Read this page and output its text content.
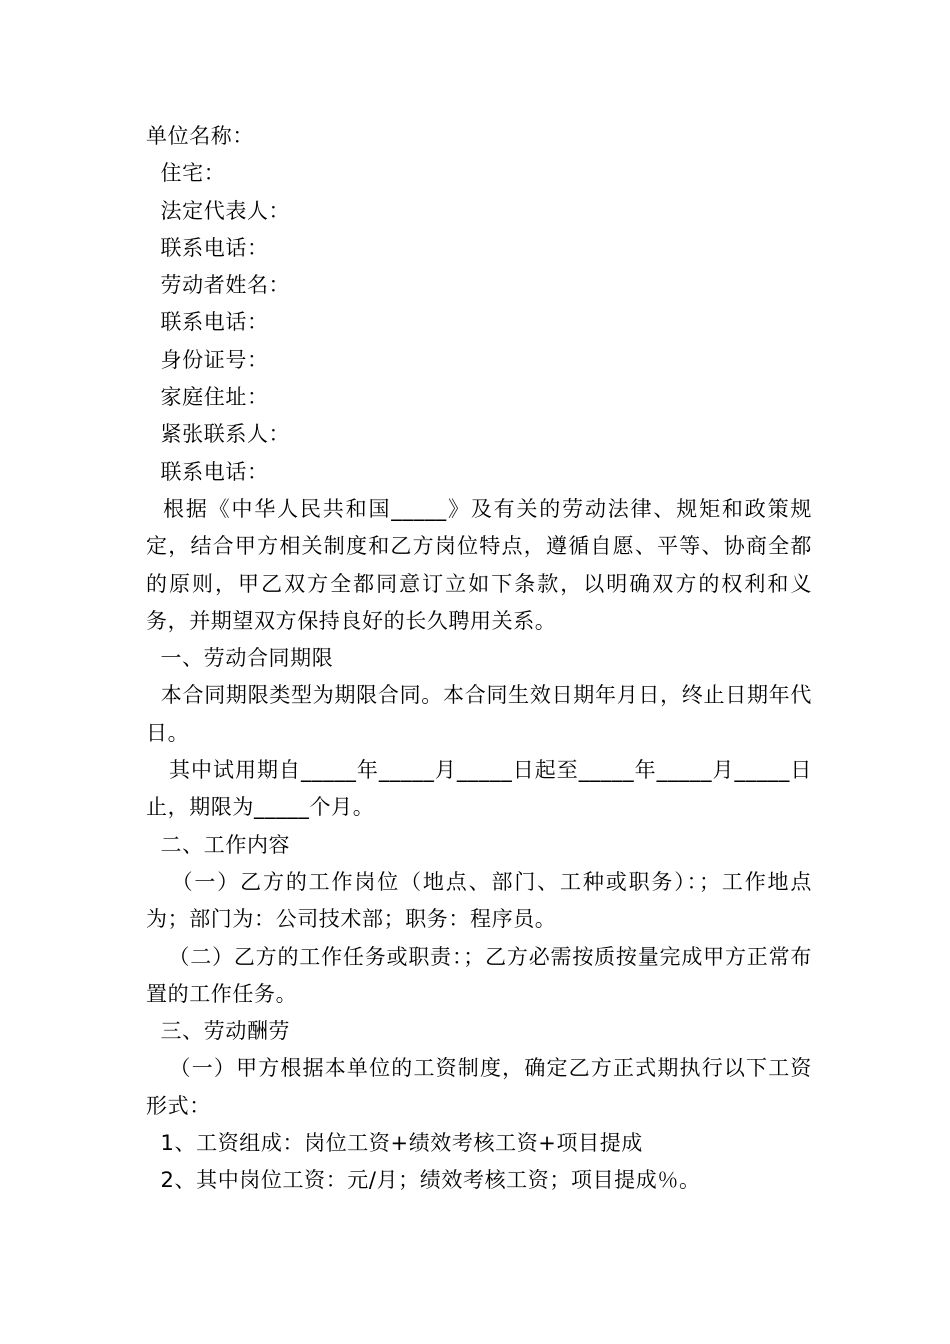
单位名称：
住宅：
法定代表人：
联系电话：
劳动者姓名：
联系电话：
身份证号：
家庭住址：
紧张联系人：
联系电话：
根据《中华人民共和国_____》及有关的劳动法律、规矩和政策规定，结合甲方相关制度和乙方岗位特点，遵循自愿、平等、协商全都的原则，甲乙双方全都同意订立如下条款，以明确双方的权利和义务，并期望双方保持良好的长久聘用关系。
一、劳动合同期限
本合同期限类型为期限合同。本合同生效日期年月日，终止日期年代日。
其中试用期自_____年_____月_____日起至_____年_____月_____日止，期限为_____个月。
二、工作内容
（一）乙方的工作岗位（地点、部门、工种或职务）：；工作地点为；部门为：公司技术部；职务：程序员。
（二）乙方的工作任务或职责：；乙方必需按质按量完成甲方正常布置的工作任务。
三、劳动酬劳
（一）甲方根据本单位的工资制度，确定乙方正式期执行以下工资形式：
1、工资组成：岗位工资+绩效考核工资+项目提成
2、其中岗位工资：元/月；绩效考核工资；项目提成％。
